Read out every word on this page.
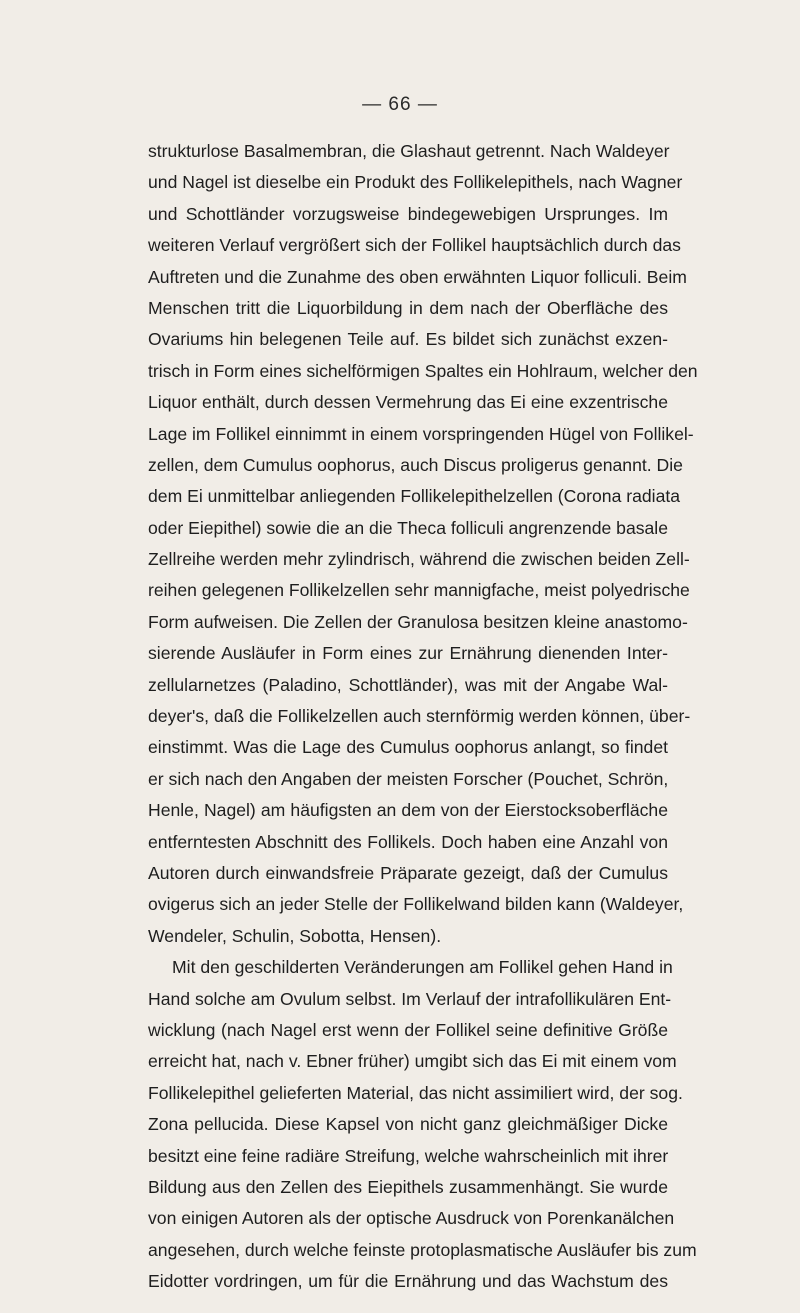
— 66 —
strukturlose Basalmembran, die Glashaut getrennt. Nach Waldeyer
und Nagel ist dieselbe ein Produkt des Follikelepithels, nach Wagner
und Schottländer vorzugsweise bindegewebigen Ursprunges. Im
weiteren Verlauf vergrößert sich der Follikel hauptsächlich durch das
Auftreten und die Zunahme des oben erwähnten Liquor folliculi. Beim
Menschen tritt die Liquorbildung in dem nach der Oberfläche des
Ovariums hin belegenen Teile auf. Es bildet sich zunächst exzen-
trisch in Form eines sichelförmigen Spaltes ein Hohlraum, welcher den
Liquor enthält, durch dessen Vermehrung das Ei eine exzentrische
Lage im Follikel einnimmt in einem vorspringenden Hügel von Follikel-
zellen, dem Cumulus oophorus, auch Discus proligerus genannt. Die
dem Ei unmittelbar anliegenden Follikelepithelzellen (Corona radiata
oder Eiepithel) sowie die an die Theca folliculi angrenzende basale
Zellreihe werden mehr zylindrisch, während die zwischen beiden Zell-
reihen gelegenen Follikelzellen sehr mannigfache, meist polyedrische
Form aufweisen. Die Zellen der Granulosa besitzen kleine anastomo-
sierende Ausläufer in Form eines zur Ernährung dienenden Inter-
zellularnetzes (Paladino, Schottländer), was mit der Angabe Wal-
deyer's, daß die Follikelzellen auch sternförmig werden können, über-
einstimmt. Was die Lage des Cumulus oophorus anlangt, so findet
er sich nach den Angaben der meisten Forscher (Pouchet, Schrön,
Henle, Nagel) am häufigsten an dem von der Eierstocksoberfläche
entferntesten Abschnitt des Follikels. Doch haben eine Anzahl von
Autoren durch einwandsfreie Präparate gezeigt, daß der Cumulus
ovigerus sich an jeder Stelle der Follikelwand bilden kann (Waldeyer,
Wendeler, Schulin, Sobotta, Hensen).
Mit den geschilderten Veränderungen am Follikel gehen Hand in
Hand solche am Ovulum selbst. Im Verlauf der intrafollikulären Ent-
wicklung (nach Nagel erst wenn der Follikel seine definitive Größe
erreicht hat, nach v. Ebner früher) umgibt sich das Ei mit einem vom
Follikelepithel gelieferten Material, das nicht assimiliert wird, der sog.
Zona pellucida. Diese Kapsel von nicht ganz gleichmäßiger Dicke
besitzt eine feine radiäre Streifung, welche wahrscheinlich mit ihrer
Bildung aus den Zellen des Eiepithels zusammenhängt. Sie wurde
von einigen Autoren als der optische Ausdruck von Porenkanälchen
angesehen, durch welche feinste protoplasmatische Ausläufer bis zum
Eidotter vordringen, um für die Ernährung und das Wachstum des
